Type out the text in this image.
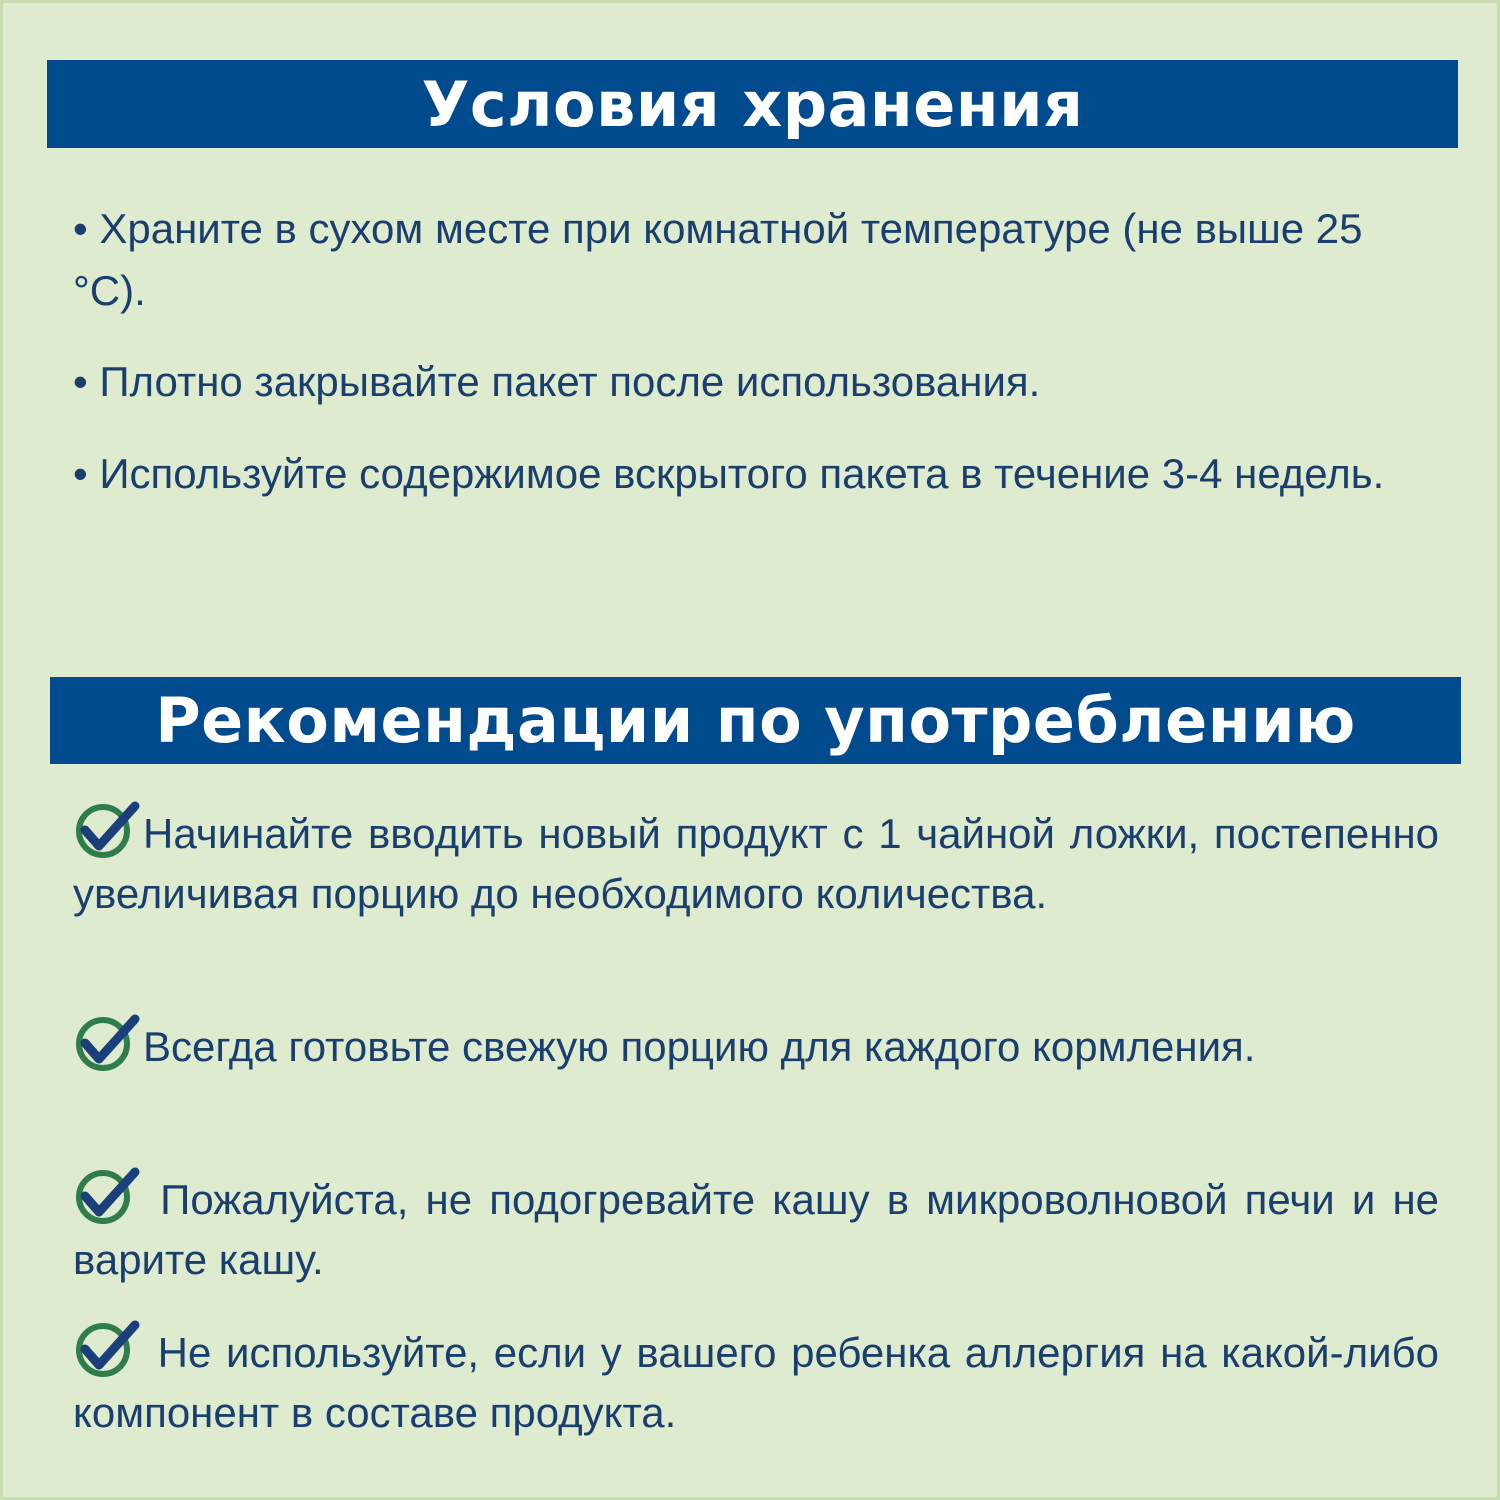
Условия хранения
• Храните в сухом месте при комнатной температуре (не выше 25 °С).
• Плотно закрывайте пакет после использования.
• Используйте содержимое вскрытого пакета в течение 3-4 недель.
Рекомендации по употреблению
Начинайте вводить новый продукт с 1 чайной ложки, постепенно увеличивая порцию до необходимого количества.
Всегда готовьте свежую порцию для каждого кормления.
Пожалуйста, не подогревайте кашу в микроволновой печи и не варите кашу.
Не используйте, если у вашего ребенка аллергия на какой-либо компонент в составе продукта.
